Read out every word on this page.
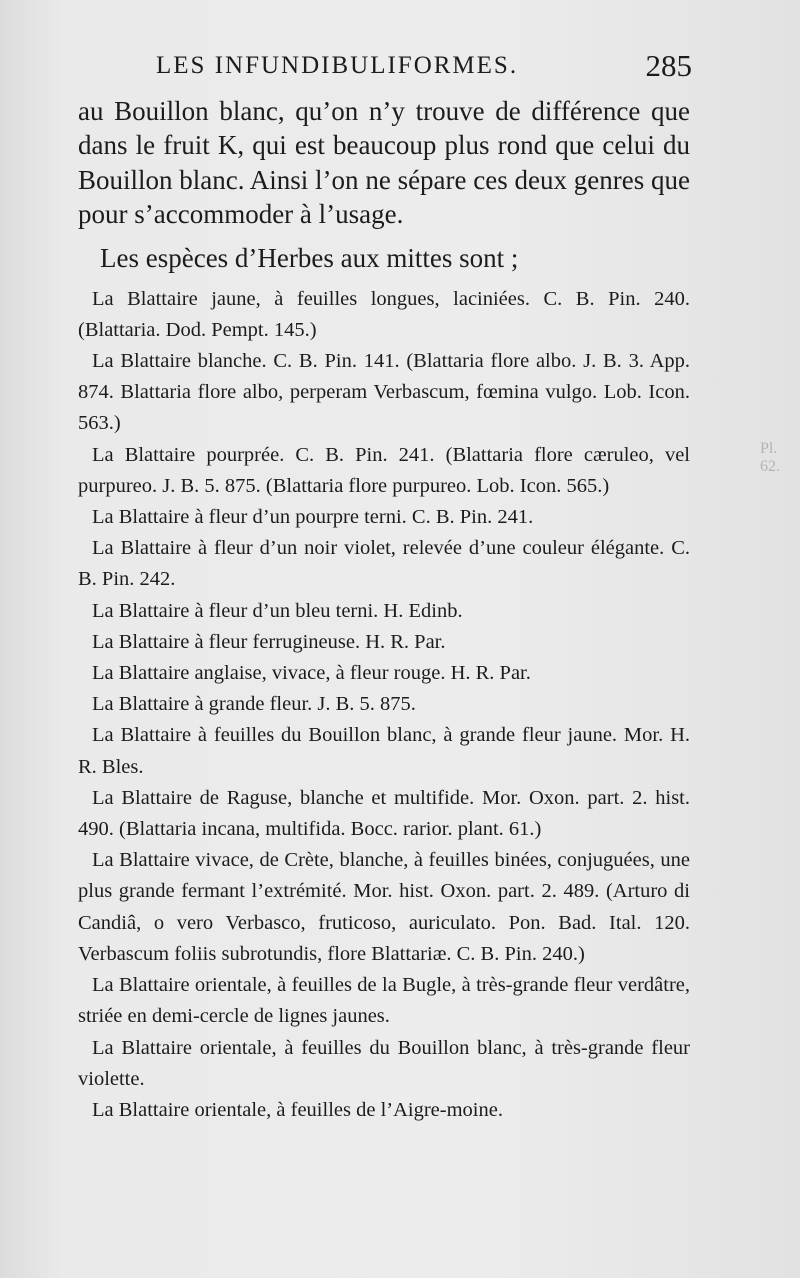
LES INFUNDIBULIFORMES.	285

au Bouillon blanc, qu’on n’y trouve de différence que dans le fruit K, qui est beaucoup plus rond que celui du Bouillon blanc. Ainsi l’on ne sépare ces deux genres que pour s’accommoder à l’usage.

Les espèces d’Herbes aux mittes sont ;

La Blattaire jaune, à feuilles longues, laciniées. C. B. Pin. 240. (Blattaria. Dod. Pempt. 145.)

La Blattaire blanche. C. B. Pin. 141. (Blattaria flore albo. J. B. 3. App. 874. Blattaria flore albo, perperam Verbascum, fœmina vulgo. Lob. Icon. 563.)

La Blattaire pourprée. C. B. Pin. 241. (Blattaria flore cæruleo, vel purpureo. J. B. 5. 875. (Blattaria flore purpureo. Lob. Icon. 565.)

La Blattaire à fleur d’un pourpre terni. C. B. Pin. 241.

La Blattaire à fleur d’un noir violet, relevée d’une couleur élégante. C. B. Pin. 242.

La Blattaire à fleur d’un bleu terni. H. Edinb.

La Blattaire à fleur ferrugineuse. H. R. Par.

La Blattaire anglaise, vivace, à fleur rouge. H. R. Par.

La Blattaire à grande fleur. J. B. 5. 875.

La Blattaire à feuilles du Bouillon blanc, à grande fleur jaune. Mor. H. R. Bles.

La Blattaire de Raguse, blanche et multifide. Mor. Oxon. part. 2. hist. 490. (Blattaria incana, multifida. Bocc. rarior. plant. 61.)

La Blattaire vivace, de Crète, blanche, à feuilles binées, conjuguées, une plus grande fermant l’extrémité. Mor. hist. Oxon. part. 2. 489. (Arturo di Candiâ, o vero Verbasco, fruticoso, auriculato. Pon. Bad. Ital. 120. Verbascum foliis subrotundis, flore Blattariæ. C. B. Pin. 240.)

La Blattaire orientale, à feuilles de la Bugle, à très-grande fleur verdâtre, striée en demi-cercle de lignes jaunes.

La Blattaire orientale, à feuilles du Bouillon blanc, à très-grande fleur violette.

La Blattaire orientale, à feuilles de l’Aigre-moine.

Pl. 62.
